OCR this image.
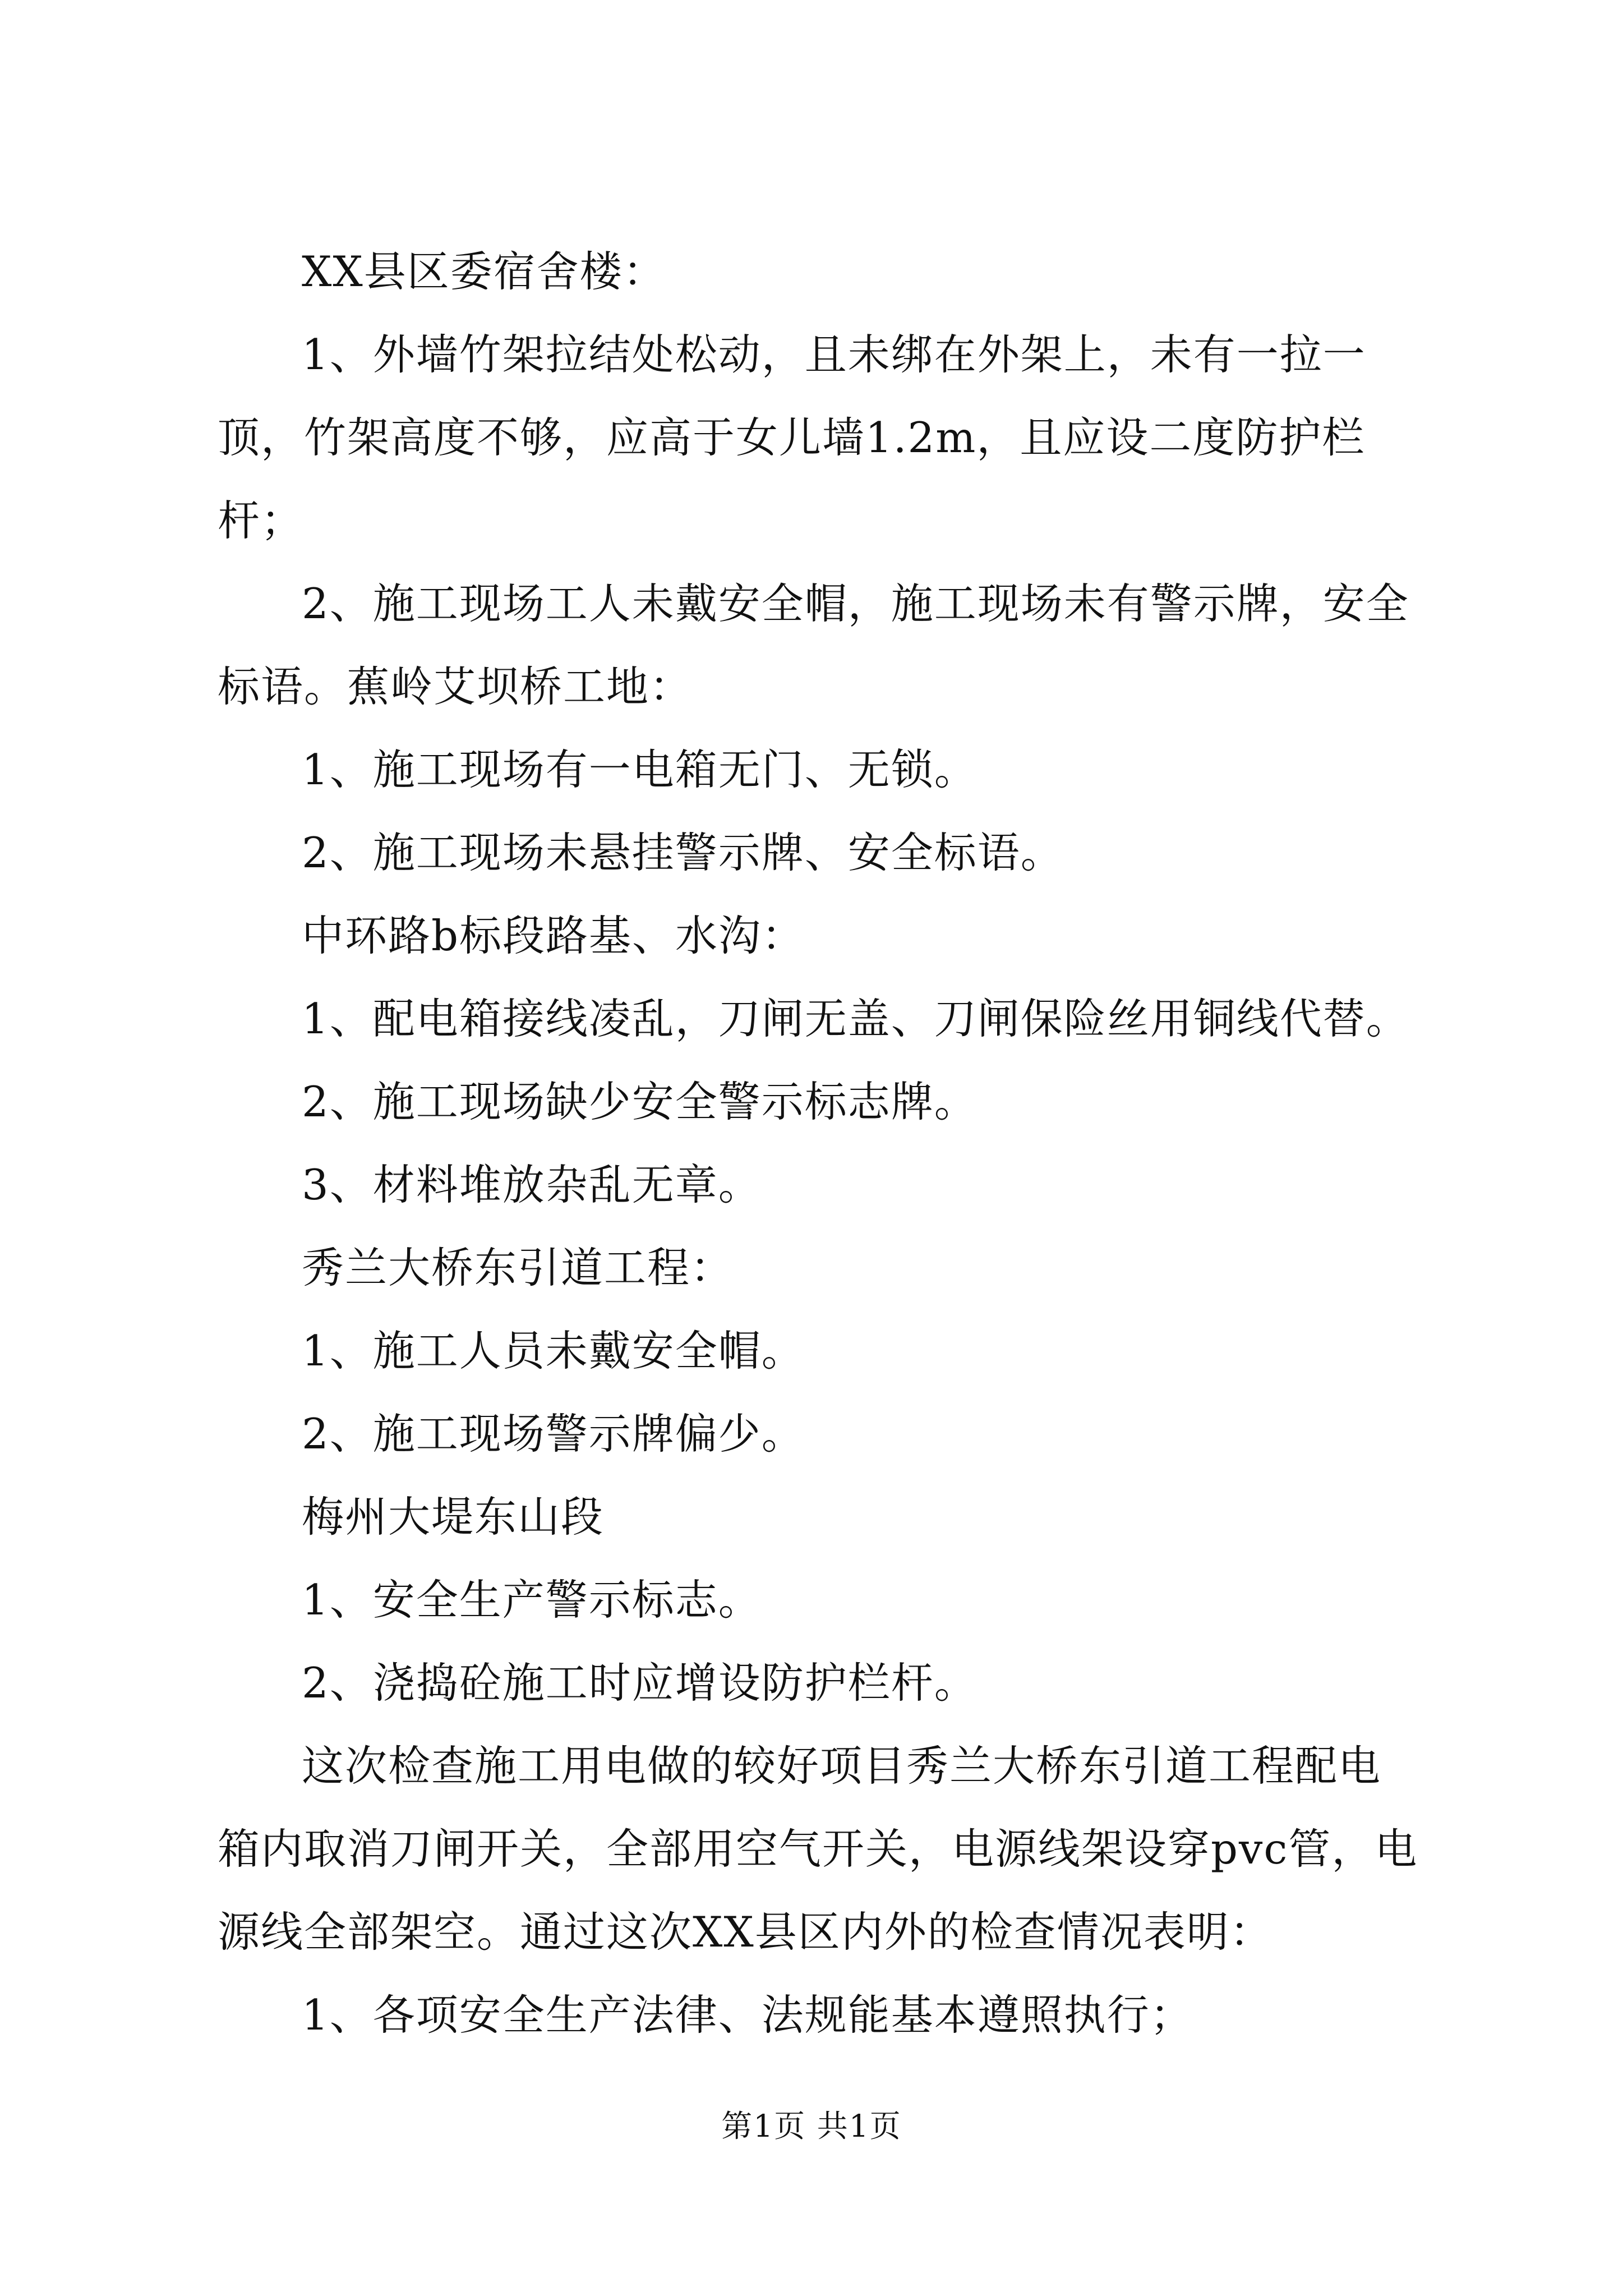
XX县区委宿舍楼：

1、外墙竹架拉结处松动，且未绑在外架上，未有一拉一顶，竹架高度不够，应高于女儿墙1.2m，且应设二度防护栏杆；

2、施工现场工人未戴安全帽，施工现场未有警示牌，安全标语。蕉岭艾坝桥工地：

1、施工现场有一电箱无门、无锁。

2、施工现场未悬挂警示牌、安全标语。

中环路b标段路基、水沟：

1、配电箱接线凌乱，刀闸无盖、刀闸保险丝用铜线代替。

2、施工现场缺少安全警示标志牌。

3、材料堆放杂乱无章。

秀兰大桥东引道工程：

1、施工人员未戴安全帽。

2、施工现场警示牌偏少。

梅州大堤东山段

1、安全生产警示标志。

2、浇捣砼施工时应增设防护栏杆。

这次检查施工用电做的较好项目秀兰大桥东引道工程配电箱内取消刀闸开关，全部用空气开关，电源线架设穿pvc管，电源线全部架空。通过这次XX县区内外的检查情况表明：

1、各项安全生产法律、法规能基本遵照执行；

第1页 共1页
